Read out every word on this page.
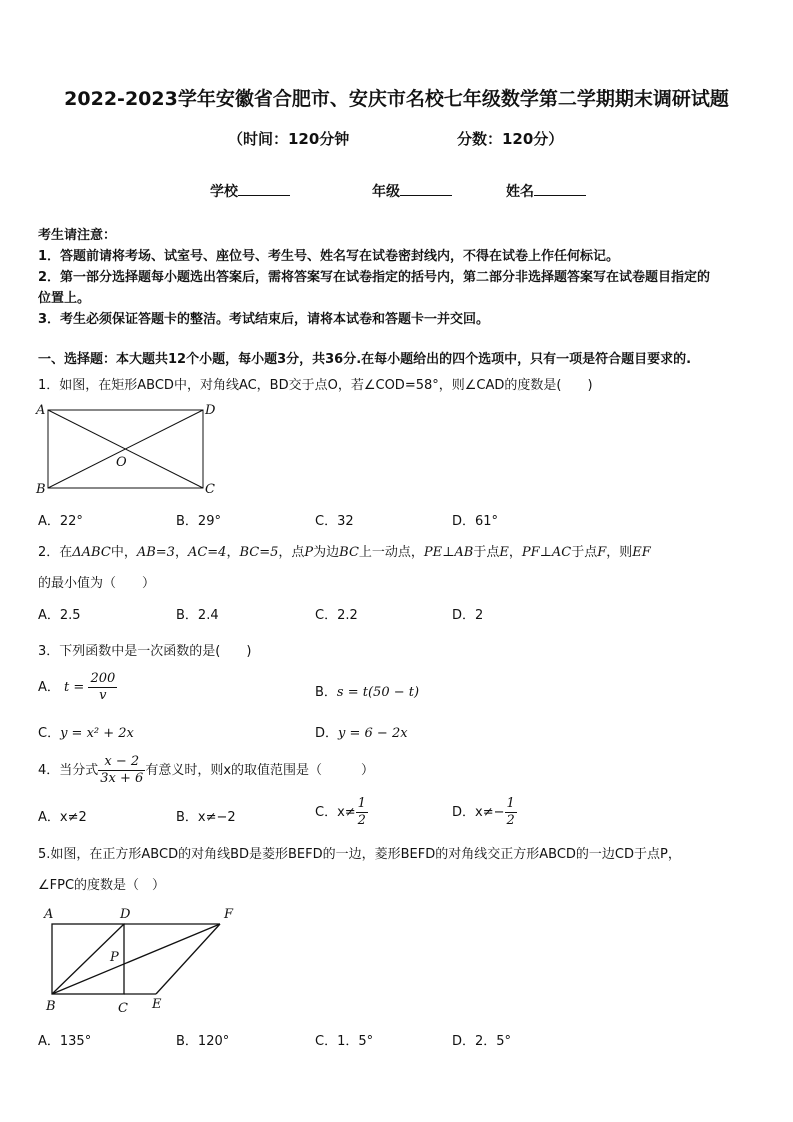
2022-2023学年安徽省合肥市、安庆市名校七年级数学第二学期期末调研试题
（时间：120分钟	分数：120分）
学校	年级	姓名
考生请注意：
1．答题前请将考场、试室号、座位号、考生号、姓名写在试卷密封线内，不得在试卷上作任何标记。
2．第一部分选择题每小题选出答案后，需将答案写在试卷指定的括号内，第二部分非选择题答案写在试卷题目指定的
位置上。
3．考生必须保证答题卡的整洁。考试结束后，请将本试卷和答题卡一并交回。
一、选择题：本大题共12个小题，每小题3分，共36分.在每小题给出的四个选项中，只有一项是符合题目要求的.
1．如图，在矩形ABCD中，对角线AC，BD交于点O，若∠COD=58°，则∠CAD的度数是(　　)
A	D
B	C
O
A．22°	B．29°	C．32	D．61°
2．在ΔABC中，AB=3，AC=4，BC=5，点P为边BC上一动点，PE⊥AB于点E，PF⊥AC于点F，则EF
的最小值为（　　）
A．2.5	B．2.4	C．2.2	D．2
3．下列函数中是一次函数的是(　　)
A． $t = \frac{200}{v}$	B．s = t(50 − t)
C．y = x² + 2x	D．y = 6 − 2x
4．当分式 $\frac{x - 2}{3x + 6}$ 有意义时，则x的取值范围是（　　　）
A．x≠2	B．x≠−2	C．$x\ne \frac{1}{2}$	D．$x\ne- \frac{1}{2}$
5.如图，在正方形ABCD的对角线BD是菱形BEFD的一边，菱形BEFD的对角线交正方形ABCD的一边CD于点P，
∠FPC的度数是（　）
A	D	F
P
B	C E
A．135°	B．120°	C．1．5°	D．2．5°
